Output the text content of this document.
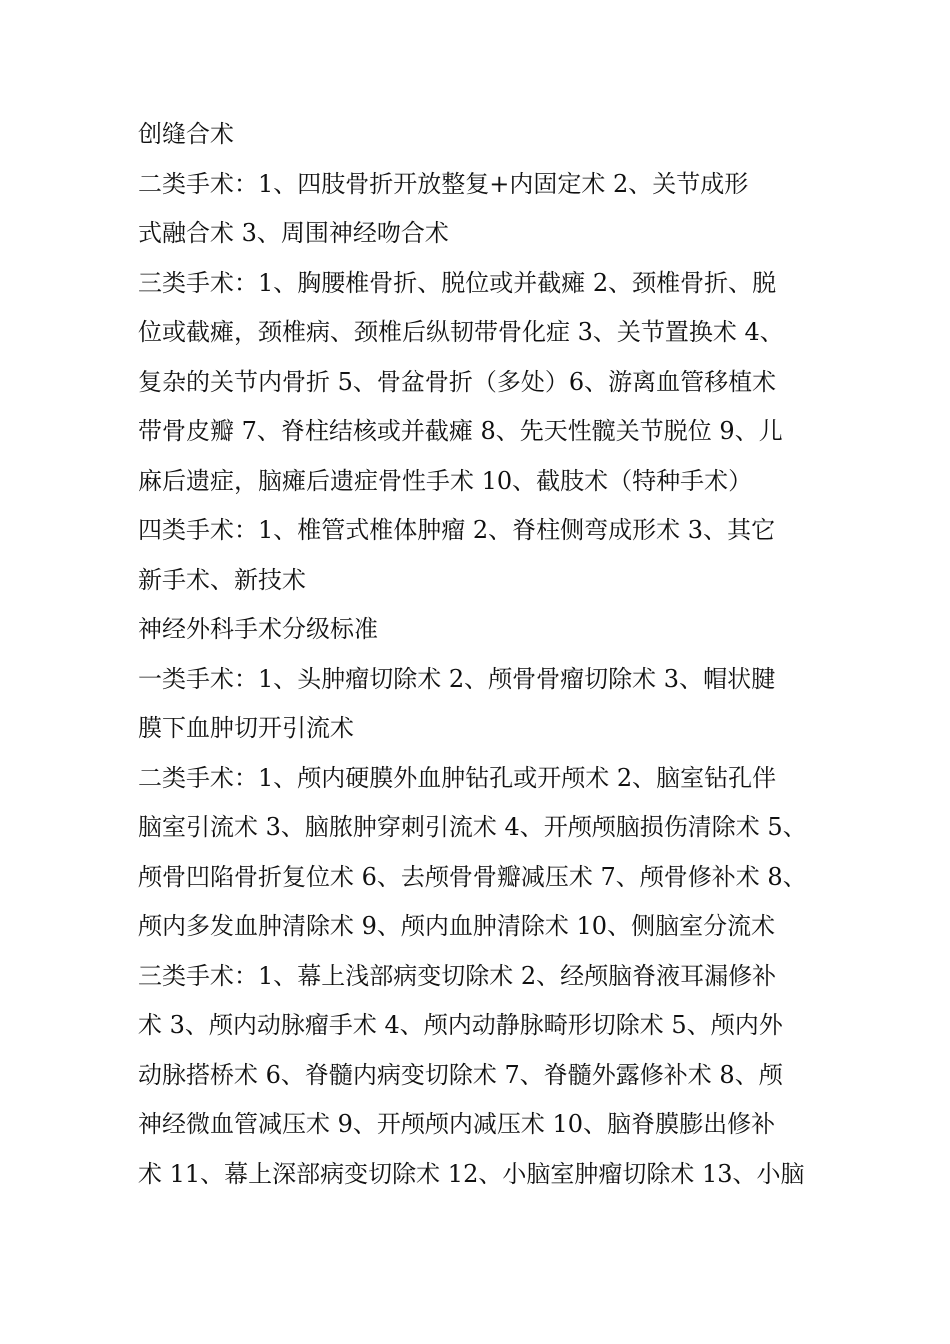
创缝合术
二类手术：1、四肢骨折开放整复+内固定术 2、关节成形
式融合术 3、周围神经吻合术
三类手术：1、胸腰椎骨折、脱位或并截瘫 2、颈椎骨折、脱
位或截瘫，颈椎病、颈椎后纵韧带骨化症 3、关节置换术 4、
复杂的关节内骨折 5、骨盆骨折（多处）6、游离血管移植术
带骨皮瓣 7、脊柱结核或并截瘫 8、先天性髋关节脱位 9、儿
麻后遗症，脑瘫后遗症骨性手术 10、截肢术（特种手术）
四类手术：1、椎管式椎体肿瘤 2、脊柱侧弯成形术 3、其它
新手术、新技术
神经外科手术分级标准
一类手术：1、头肿瘤切除术 2、颅骨骨瘤切除术 3、帽状腱
膜下血肿切开引流术
二类手术：1、颅内硬膜外血肿钻孔或开颅术 2、脑室钻孔伴
脑室引流术 3、脑脓肿穿刺引流术 4、开颅颅脑损伤清除术 5、
颅骨凹陷骨折复位术 6、去颅骨骨瓣减压术 7、颅骨修补术 8、
颅内多发血肿清除术 9、颅内血肿清除术 10、侧脑室分流术
三类手术：1、幕上浅部病变切除术 2、经颅脑脊液耳漏修补
术 3、颅内动脉瘤手术 4、颅内动静脉畸形切除术 5、颅内外
动脉搭桥术 6、脊髓内病变切除术 7、脊髓外露修补术 8、颅
神经微血管减压术 9、开颅颅内减压术 10、脑脊膜膨出修补
术 11、幕上深部病变切除术 12、小脑室肿瘤切除术 13、小脑
